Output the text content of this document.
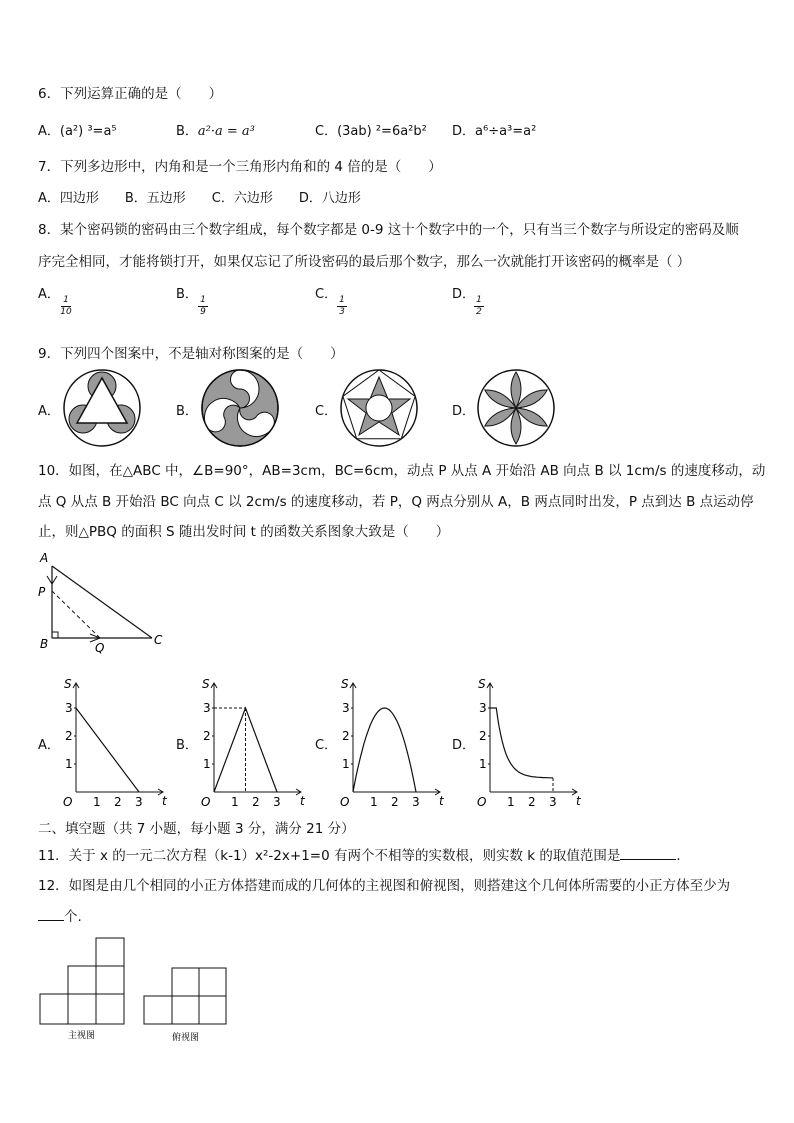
6．下列运算正确的是（　　）
A．(a²) ³=a⁵	B．a²·a = a³	C．(3ab) ²=6a²b² D．a⁶÷a³=a²
7．下列多边形中，内角和是一个三角形内角和的 4 倍的是（　　）
A．四边形　　B．五边形　　C．六边形　　D．八边形
8．某个密码锁的密码由三个数字组成，每个数字都是 0-9 这十个数字中的一个，只有当三个数字与所设定的密码及顺
序完全相同，才能将锁打开，如果仅忘记了所设密码的最后那个数字，那么一次就能打开该密码的概率是（ ）
A． 1
10
B． 1
9
C． 1
3
D． 1
2
9．下列四个图案中，不是轴对称图案的是（　　）
A．	B．	C．	D．
10．如图，在△ABC 中，∠B=90°，AB=3cm，BC=6cm，动点 P 从点 A 开始沿 AB 向点 B 以 1cm/s 的速度移动，动
点 Q 从点 B 开始沿 BC 向点 C 以 2cm/s 的速度移动，若 P，Q 两点分别从 A，B 两点同时出发，P 点到达 B 点运动停
止，则△PBQ 的面积 S 随出发时间 t 的函数关系图象大致是（　　）
A
P
B	Q
C
A．	B．	C．	D．
S
t
O 1
1
2
2
3
3
S
t
O 1
1
2
2
3
3
S
t
O 1
1
2
2
3
3
S
t
O 1
1
2
2
3
3
二、填空题（共 7 小题，每小题 3 分，满分 21 分）
11．关于 x 的一元二次方程（k-1）x²-2x+1=0 有两个不相等的实数根，则实数 k 的取值范围是	．
12．如图是由几个相同的小正方体搭建而成的几何体的主视图和俯视图，则搭建这个几何体所需要的小正方体至少为
个.
主视图	俯视图
